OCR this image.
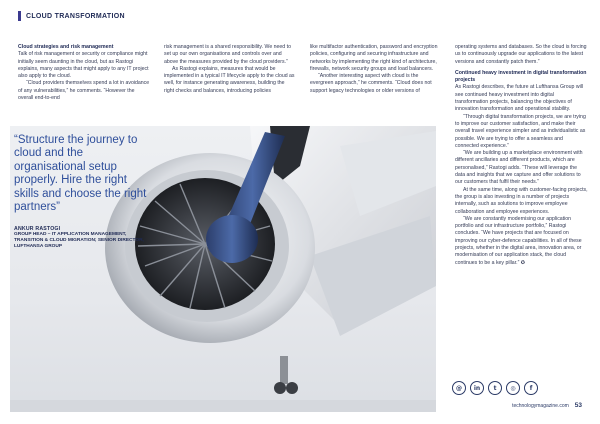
CLOUD TRANSFORMATION

Cloud strategies and risk management

Talk of risk management or security or compliance might initially seem daunting in the cloud, but as Rastogi explains, many aspects that might apply to any IT project also apply to the cloud.

“Cloud providers themselves spend a lot in avoidance of any vulnerabilities,” he comments. “However the overall end-to-end

risk management is a shared responsibility. We need to set up our own organisations and controls over and above the measures provided by the cloud providers.”

As Rastogi explains, measures that would be implemented in a typical IT lifecycle apply to the cloud as well, for instance generating awareness, building the right checks and balances, introducing policies

like multifactor authentication, password and encryption policies, configuring and securing infrastructure and networks by implementing the right kind of architecture, firewalls, network security groups and load balancers.

“Another interesting aspect with cloud is the evergreen approach,” he comments. “Cloud does not support legacy technologies or older versions of

operating systems and databases. So the cloud is forcing us to continuously upgrade our applications to the latest versions and constantly patch them.”

Continued heavy investment in digital transformation projects

As Rastogi describes, the future at Lufthansa Group will see continued heavy investment into digital transformation projects, balancing the objectives of innovation transformation and operational stability.

“Through digital transformation projects, we are trying to improve our customer satisfaction, and make their overall travel experience simpler and as individualistic as possible. We are trying to offer a seamless and connected experience.”

“We are building up a marketplace environment with different ancillaries and different products, which are personalised,” Rastogi adds. “These will leverage the data and insights that we capture and offer solutions to our customers that fulfil their needs.”

At the same time, along with customer-facing projects, the group is also investing in a number of projects internally, such as solutions to improve employee collaboration and employee experiences.

“We are constantly modernising our application portfolio and our infrastructure portfolio,” Rastogi concludes. “We have projects that are focused on improving our cyber-defence capabilities. In all of these projects, whether in the digital area, innovation area, or modernisation of our application stack, the cloud continues to be a key pillar.” ✪

“Structure the journey to cloud and the organisational setup properly. Hire the right skills and choose the right partners”
ANKUR RASTOGI
GROUP HEAD – IT APPLICATION MANAGEMENT, TRANSITION & CLOUD MIGRATION; SENIOR DIRECTOR, LUFTHANSA GROUP
@	in	t	◎	f
technologymagazine.com 53
